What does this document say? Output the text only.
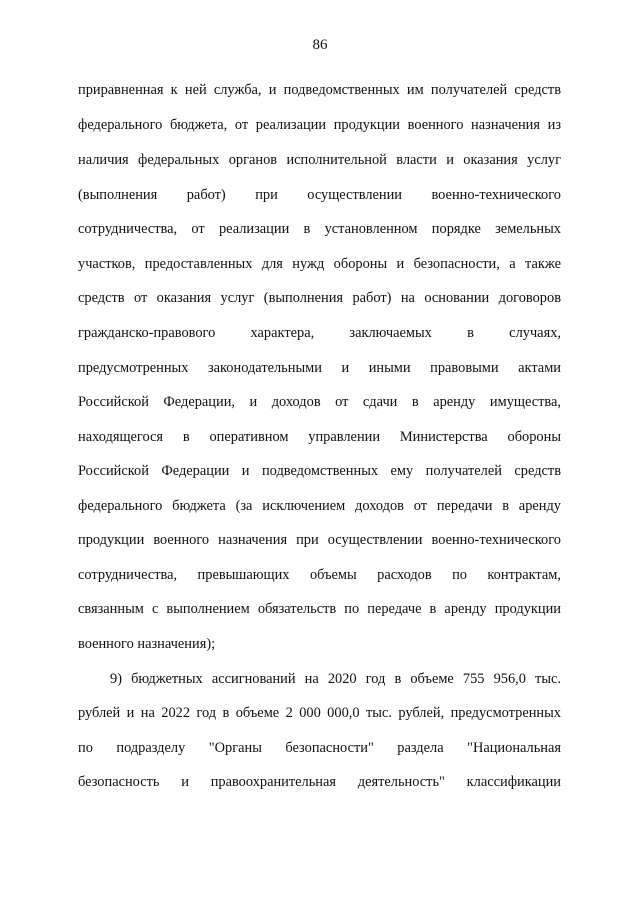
86
приравненная к ней служба, и подведомственных им получателей средств
федерального бюджета, от реализации продукции военного назначения из
наличия федеральных органов исполнительной власти и оказания услуг
(выполнения работ) при осуществлении военно-технического
сотрудничества, от реализации в установленном порядке земельных
участков, предоставленных для нужд обороны и безопасности, а также
средств от оказания услуг (выполнения работ) на основании договоров
гражданско-правового характера, заключаемых в случаях,
предусмотренных законодательными и иными правовыми актами
Российской Федерации, и доходов от сдачи в аренду имущества,
находящегося в оперативном управлении Министерства обороны
Российской Федерации и подведомственных ему получателей средств
федерального бюджета (за исключением доходов от передачи в аренду
продукции военного назначения при осуществлении военно-технического
сотрудничества, превышающих объемы расходов по контрактам,
связанным с выполнением обязательств по передаче в аренду продукции
военного назначения);
9) бюджетных ассигнований на 2020 год в объеме 755 956,0 тыс.
рублей и на 2022 год в объеме 2 000 000,0 тыс. рублей, предусмотренных
по подразделу "Органы безопасности" раздела "Национальная
безопасность и правоохранительная деятельность" классификации
